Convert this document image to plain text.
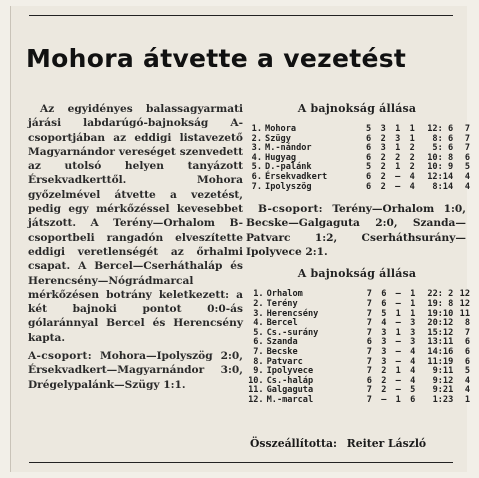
Mohora átvette a vezetést

Az egyidényes balassagyarmati járási labdarúgó-bajnokság A-csoportjában az eddigi listavezető Magyarnándor vereséget szenvedett az utolsó helyen tanyázott Érsekvadkerttől. Mohora győzelmével átvette a vezetést, pedig egy mérkőzéssel kevesebbet játszott. A Terény—Orhalom B-csoportbeli rangadón elveszítette eddigi veretlenségét az őrhalmi csapat. A Bercel—Cserháthaláp és Herencsény—Nógrádmarcal mérkőzésen botrány keletkezett: a két bajnoki pontot 0:0-ás gólaránnyal Bercel és Herencsény kapta.

A-csoport: Mohora—Ipolyszög 2:0, Érsekvadkert—Magyarnándor 3:0, Drégelypalánk—Szügy 1:1.

A bajnokság állása
1.	Mohora	5	3	1	1	12: 6	7
2.	Szügy	6	2	3	1	8: 6	7
3.	M.-nándor	6	3	1	2	5: 6	7
4.	Hugyag	6	2	2	2	10: 8	6
5.	D.-palánk	5	2	1	2	10: 9	5
6.	Érsekvadkert	6	2	–	4	12:14	4
7.	Ipolyszög	6	2	–	4	8:14	4
B-csoport: Terény—Orhalom 1:0, Becske—Galgaguta 2:0, Szanda—Patvarc 1:2, Cserháthsurány—Ipolyvece 2:1.
A bajnokság állása
1.	Orhalom	7	6	–	1	22: 2	12
2.	Terény	7	6	–	1	19: 8	12
3.	Herencsény	7	5	1	1	19:10	11
4.	Bercel	7	4	–	3	20:12	8
5.	Cs.-surány	7	3	1	3	15:12	7
6.	Szanda	6	3	–	3	13:11	6
7.	Becske	7	3	–	4	14:16	6
8.	Patvarc	7	3	–	4	11:19	6
9.	Ipolyvece	7	2	1	4	9:11	5
10.	Cs.-haláp	6	2	–	4	9:12	4
11.	Galgaguta	7	2	–	5	9:21	4
12.	M.-marcal	7	–	1	6	1:23	1
Összeállította: Reiter László
